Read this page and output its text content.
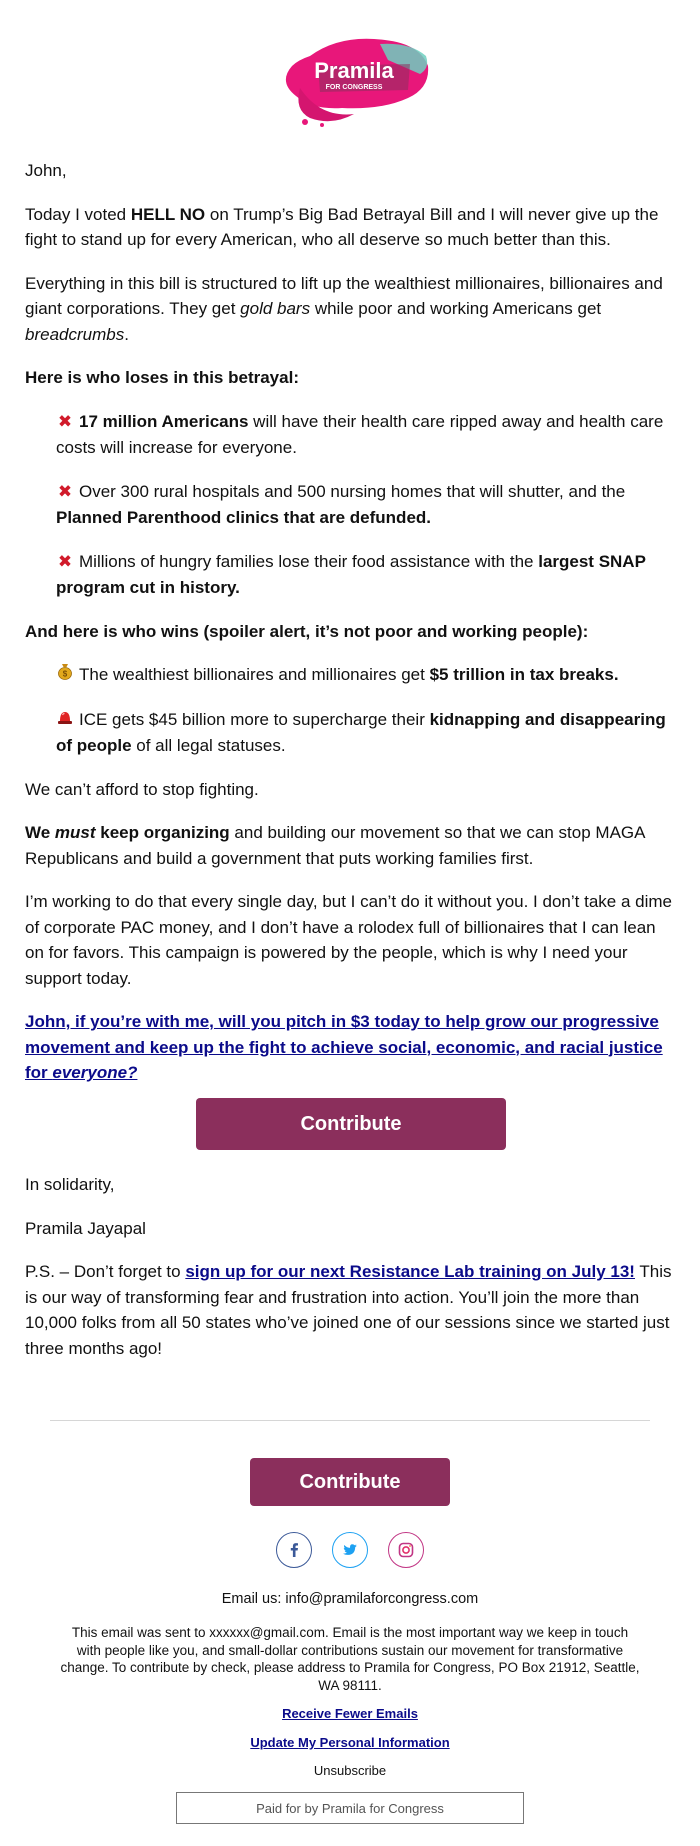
Pramila
FOR CONGRESS

John,

Today I voted HELL NO on Trump’s Big Bad Betrayal Bill and I will never give up the fight to stand up for every American, who all deserve so much better than this.

Everything in this bill is structured to lift up the wealthiest millionaires, billionaires and giant corporations. They get gold bars while poor and working Americans get breadcrumbs.

Here is who loses in this betrayal:

✖ 17 million Americans will have their health care ripped away and health care costs will increase for everyone.

✖ Over 300 rural hospitals and 500 nursing homes that will shutter, and the Planned Parenthood clinics that are defunded.

✖ Millions of hungry families lose their food assistance with the largest SNAP program cut in history.

And here is who wins (spoiler alert, it’s not poor and working people):

$ The wealthiest billionaires and millionaires get $5 trillion in tax breaks.

ICE gets $45 billion more to supercharge their kidnapping and disappearing of people of all legal statuses.

We can’t afford to stop fighting.

We must keep organizing and building our movement so that we can stop MAGA Republicans and build a government that puts working families first.

I’m working to do that every single day, but I can’t do it without you. I don’t take a dime of corporate PAC money, and I don’t have a rolodex full of billionaires that I can lean on for favors. This campaign is powered by the people, which is why I need your support today.

John, if you’re with me, will you pitch in $3 today to help grow our progressive movement and keep up the fight to achieve social, economic, and racial justice for everyone?

Contribute

In solidarity,

Pramila Jayapal

P.S. – Don’t forget to sign up for our next Resistance Lab training on July 13! This is our way of transforming fear and frustration into action. You’ll join the more than 10,000 folks from all 50 states who’ve joined one of our sessions since we started just three months ago!

Contribute

Email us: info@pramilaforcongress.com
This email was sent to xxxxxx@gmail.com. Email is the most important way we keep in touch with people like you, and small-dollar contributions sustain our movement for transformative change. To contribute by check, please address to Pramila for Congress, PO Box 21912, Seattle, WA 98111.
Receive Fewer Emails
Update My Personal Information
Unsubscribe
Paid for by Pramila for Congress
